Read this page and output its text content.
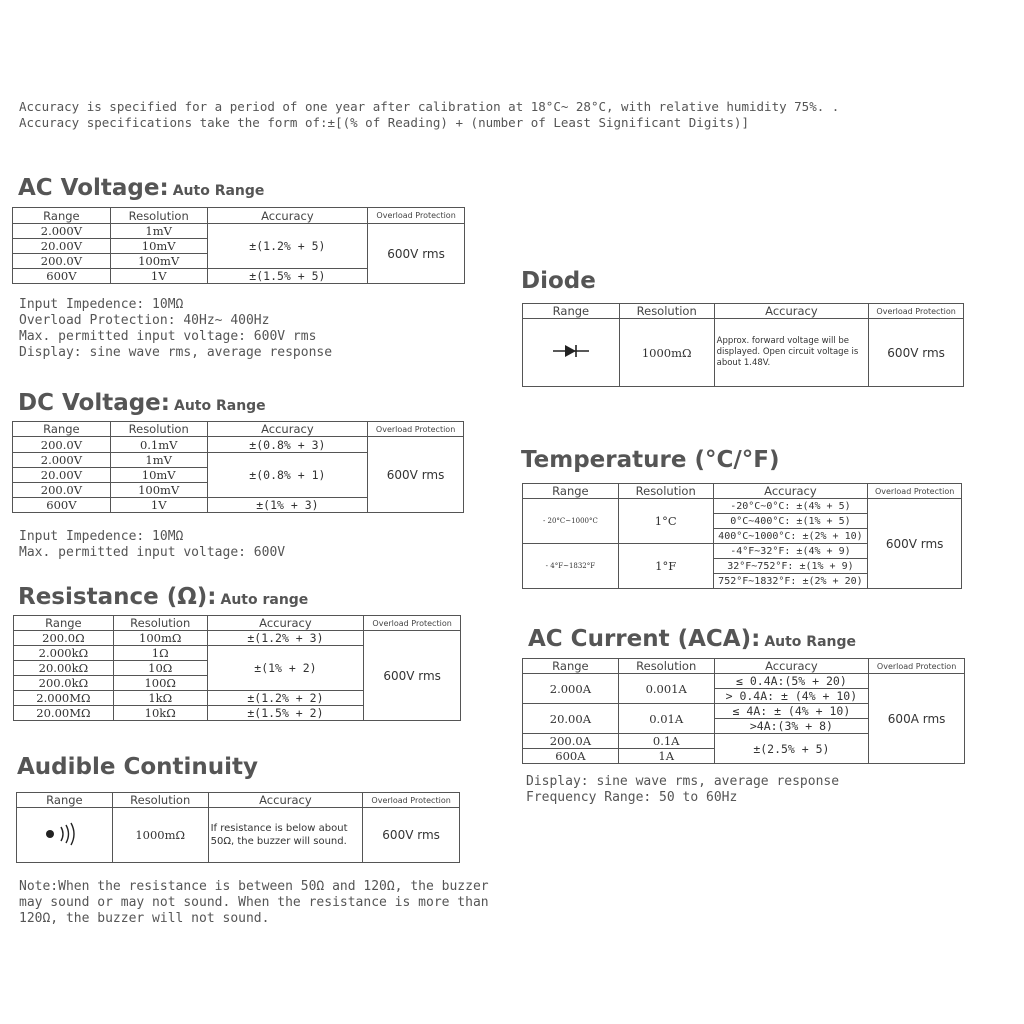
Accuracy is specified for a period of one year after calibration at 18°C~ 28°C, with relative humidity 75%. .
Accuracy specifications take the form of:±[(% of Reading) + (number of Least Significant Digits)]
AC Voltage: Auto Range
Range	Resolution	Accuracy	Overload Protection
2.000V	1mV	±(1.2% + 5)	600V rms
20.00V	10mV		
200.0V	100mV		
600V	1V	±(1.5% + 5)	
Input Impedence: 10MΩ
Overload Protection: 40Hz~ 400Hz
Max. permitted input voltage: 600V rms
Display: sine wave rms, average response
DC Voltage: Auto Range
Range	Resolution	Accuracy	Overload Protection
200.0V	0.1mV	±(0.8% + 3)	600V rms
2.000V	1mV	±(0.8% + 1)	
20.00V	10mV		
200.0V	100mV		
600V	1V	±(1% + 3)	
Input Impedence: 10MΩ
Max. permitted input voltage: 600V
Resistance (Ω): Auto range
Range	Resolution	Accuracy	Overload Protection
200.0Ω	100mΩ	±(1.2% + 3)	600V rms
2.000kΩ	1Ω	±(1% + 2)	
20.00kΩ	10Ω		
200.0kΩ	100Ω		
2.000MΩ	1kΩ	±(1.2% + 2)	
20.00MΩ	10kΩ	±(1.5% + 2)	
Audible Continuity
Range	Resolution	Accuracy	Overload Protection
	1000mΩ	If resistance is below about 50Ω, the buzzer will sound.	600V rms
Note:When the resistance is between 50Ω and 120Ω, the buzzer
may sound or may not sound. When the resistance is more than
120Ω, the buzzer will not sound.
Diode
Range	Resolution	Accuracy	Overload Protection
	1000mΩ	Approx. forward voltage will be displayed. Open circuit voltage is about 1.48V.	600V rms
Temperature (°C/°F)
Range	Resolution	Accuracy	Overload Protection
- 20°C~1000°C	1°C	-20°C~0°C: ±(4% + 5)	600V rms
		0°C~400°C: ±(1% + 5)	
		400°C~1000°C: ±(2% + 10)	
- 4°F~1832°F	1°F	-4°F~32°F: ±(4% + 9)	
		32°F~752°F: ±(1% + 9)	
		752°F~1832°F: ±(2% + 20)	
AC Current (ACA): Auto Range
Range	Resolution	Accuracy	Overload Protection
2.000A	0.001A	≤ 0.4A:(5% + 20)	600A rms
		> 0.4A: ± (4% + 10)	
20.00A	0.01A	≤ 4A: ± (4% + 10)	
		>4A:(3% + 8)	
200.0A	0.1A	±(2.5% + 5)	
600A	1A		
Display: sine wave rms, average response
Frequency Range: 50 to 60Hz
